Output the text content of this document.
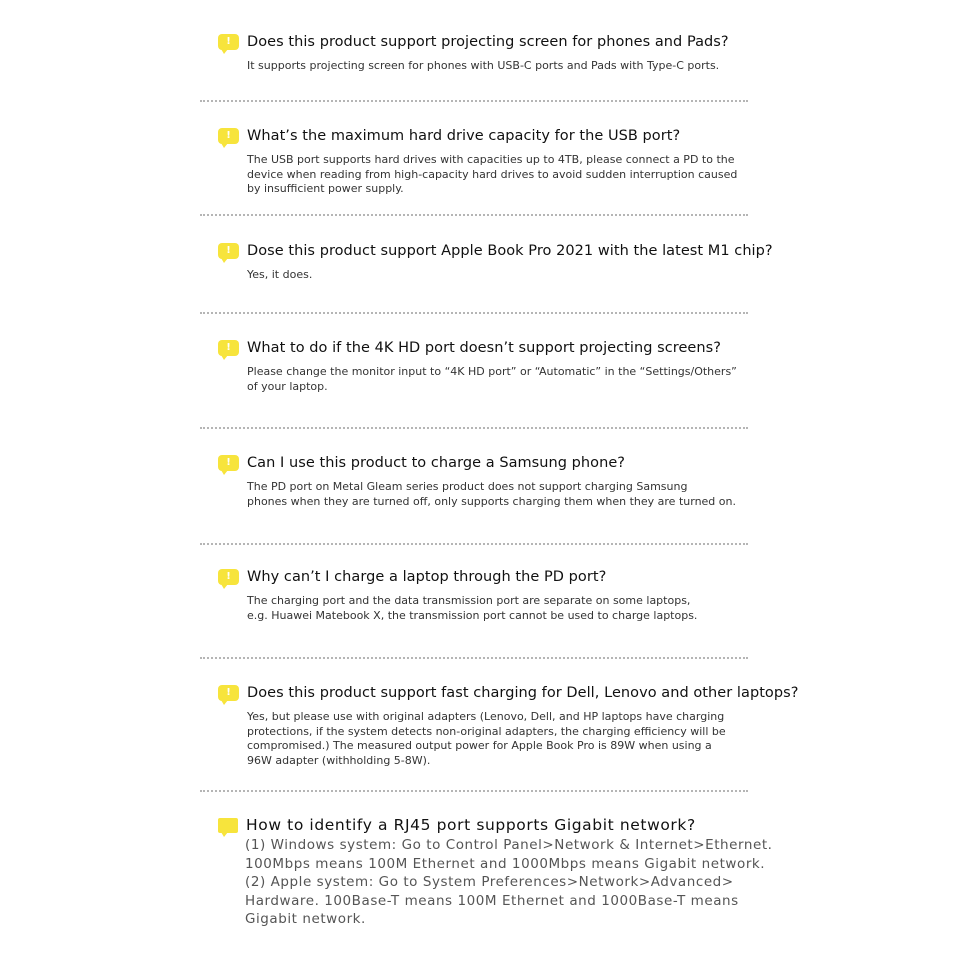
!	Does this product support projecting screen for phones and Pads?

It supports projecting screen for phones with USB-C ports and Pads with Type-C ports.

!	What’s the maximum hard drive capacity for the USB port?

The USB port supports hard drives with capacities up to 4TB, please connect a PD to the

device when reading from high-capacity hard drives to avoid sudden interruption caused

by insufficient power supply.

!	Dose this product support Apple Book Pro 2021 with the latest M1 chip?

Yes, it does.

!	What to do if the 4K HD port doesn’t support projecting screens?

Please change the monitor input to “4K HD port” or “Automatic” in the “Settings/Others”

of your laptop.

!	Can I use this product to charge a Samsung phone?

The PD port on Metal Gleam series product does not support charging Samsung

phones when they are turned off, only supports charging them when they are turned on.

!	Why can’t I charge a laptop through the PD port?

The charging port and the data transmission port are separate on some laptops,

e.g. Huawei Matebook X, the transmission port cannot be used to charge laptops.

!	Does this product support fast charging for Dell, Lenovo and other laptops?

Yes, but please use with original adapters (Lenovo, Dell, and HP laptops have charging

protections, if the system detects non-original adapters, the charging efficiency will be

compromised.) The measured output power for Apple Book Pro is 89W when using a

96W adapter (withholding 5-8W).

How to identify a RJ45 port supports Gigabit network?

(1) Windows system: Go to Control Panel>Network & Internet>Ethernet.

100Mbps means 100M Ethernet and 1000Mbps means Gigabit network.

(2) Apple system: Go to System Preferences>Network>Advanced>

Hardware. 100Base-T means 100M Ethernet and 1000Base-T means

Gigabit network.
